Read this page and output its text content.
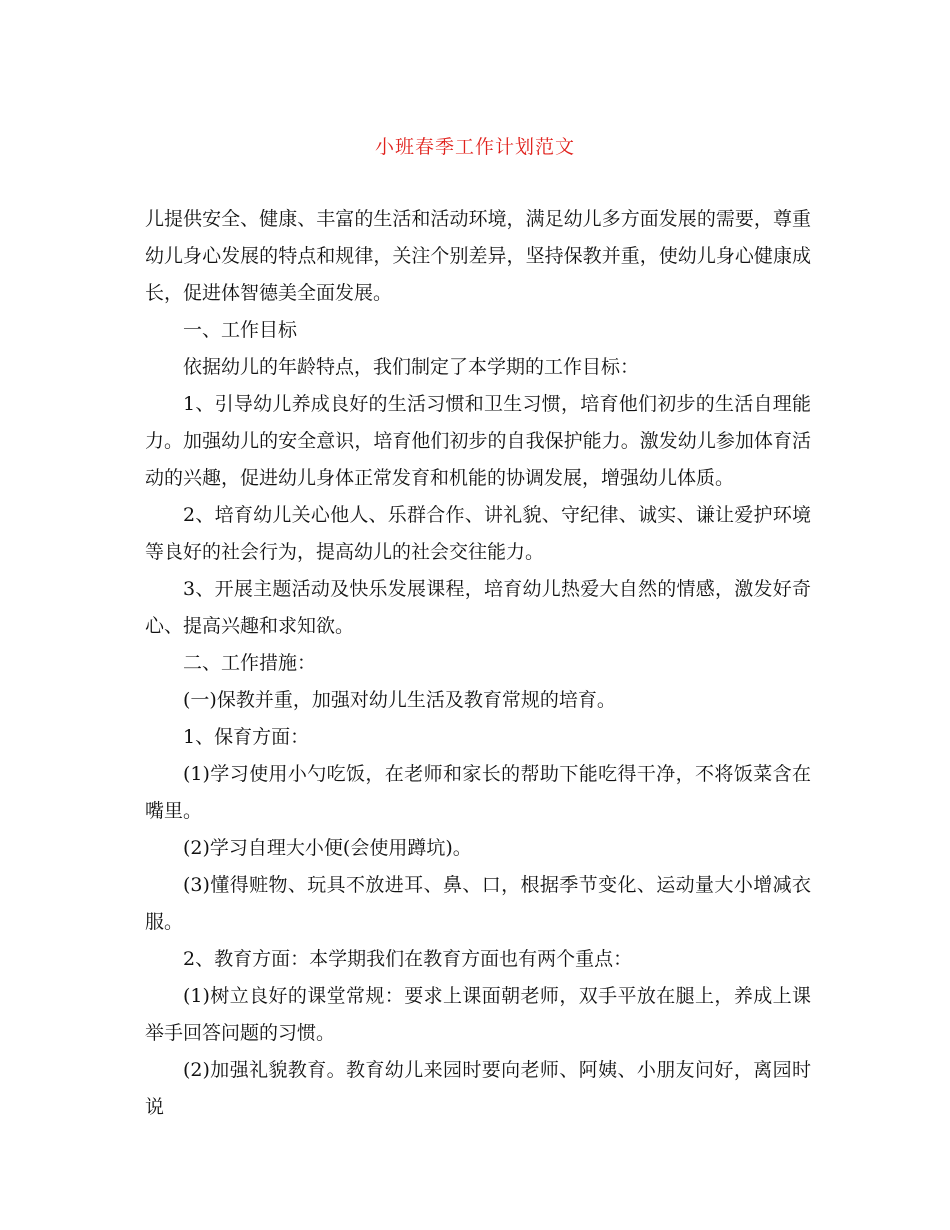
小班春季工作计划范文

儿提供安全、健康、丰富的生活和活动环境，满足幼儿多方面发展的需要，尊重幼儿身心发展的特点和规律，关注个别差异，坚持保教并重，使幼儿身心健康成长，促进体智德美全面发展。

一、工作目标

依据幼儿的年龄特点，我们制定了本学期的工作目标：

1、引导幼儿养成良好的生活习惯和卫生习惯，培育他们初步的生活自理能力。加强幼儿的安全意识，培育他们初步的自我保护能力。激发幼儿参加体育活动的兴趣，促进幼儿身体正常发育和机能的协调发展，增强幼儿体质。

2、培育幼儿关心他人、乐群合作、讲礼貌、守纪律、诚实、谦让爱护环境等良好的社会行为，提高幼儿的社会交往能力。

3、开展主题活动及快乐发展课程，培育幼儿热爱大自然的情感，激发好奇心、提高兴趣和求知欲。

二、工作措施：

(一)保教并重，加强对幼儿生活及教育常规的培育。

1、保育方面：

(1)学习使用小勺吃饭，在老师和家长的帮助下能吃得干净，不将饭菜含在嘴里。

(2)学习自理大小便(会使用蹲坑)。

(3)懂得赃物、玩具不放进耳、鼻、口，根据季节变化、运动量大小增减衣服。

2、教育方面：本学期我们在教育方面也有两个重点：

(1)树立良好的课堂常规：要求上课面朝老师，双手平放在腿上，养成上课举手回答问题的习惯。

(2)加强礼貌教育。教育幼儿来园时要向老师、阿姨、小朋友问好，离园时说
